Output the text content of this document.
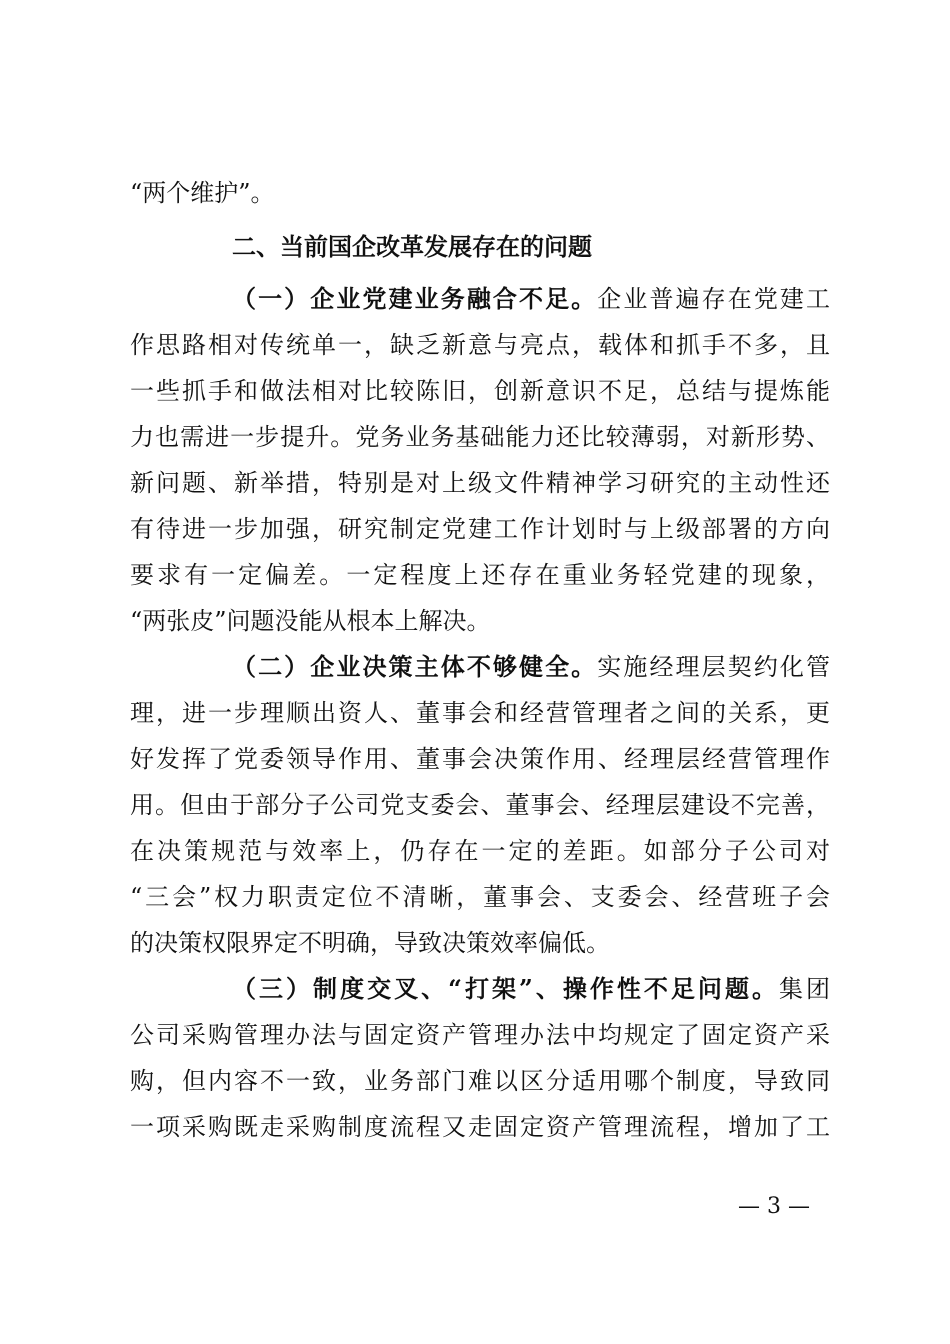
“两个维护”。
二、当前国企改革发展存在的问题
（一）企业党建业务融合不足。企业普遍存在党建工
作思路相对传统单一，缺乏新意与亮点，载体和抓手不多，且
一些抓手和做法相对比较陈旧，创新意识不足，总结与提炼能
力也需进一步提升。党务业务基础能力还比较薄弱，对新形势、
新问题、新举措，特别是对上级文件精神学习研究的主动性还
有待进一步加强，研究制定党建工作计划时与上级部署的方向
要求有一定偏差。一定程度上还存在重业务轻党建的现象，
“两张皮”问题没能从根本上解决。
（二）企业决策主体不够健全。实施经理层契约化管
理，进一步理顺出资人、董事会和经营管理者之间的关系，更
好发挥了党委领导作用、董事会决策作用、经理层经营管理作
用。但由于部分子公司党支委会、董事会、经理层建设不完善，
在决策规范与效率上，仍存在一定的差距。如部分子公司对
“三会”权力职责定位不清晰，董事会、支委会、经营班子会
的决策权限界定不明确，导致决策效率偏低。
（三）制度交叉、“打架”、操作性不足问题。集团
公司采购管理办法与固定资产管理办法中均规定了固定资产采
购，但内容不一致，业务部门难以区分适用哪个制度，导致同
一项采购既走采购制度流程又走固定资产管理流程，增加了工
— 3 —
